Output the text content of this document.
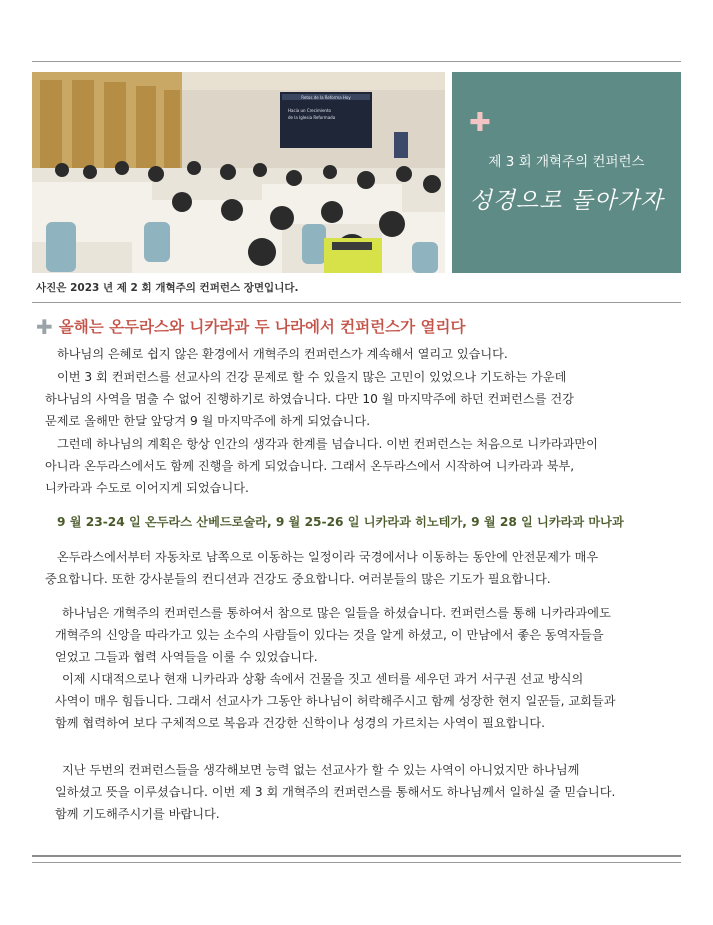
Retos de la Reforma Hoy
Hacia un Crecimiento
de la Iglesia Reformada	✚
제 3 회 개혁주의 컨퍼런스
성경으로 돌아가자
사진은 2023 년 제 2 회 개혁주의 컨퍼런스 장면입니다.
✚ 올해는 온두라스와 니카라과 두 나라에서 컨퍼런스가 열리다

하나님의 은혜로 쉽지 않은 환경에서 개혁주의 컨퍼런스가 계속해서 열리고 있습니다.

이번 3 회 컨퍼런스를 선교사의 건강 문제로 할 수 있을지 많은 고민이 있었으나 기도하는 가운데

하나님의 사역을 멈출 수 없어 진행하기로 하였습니다. 다만 10 월 마지막주에 하던 컨퍼런스를 건강

문제로 올해만 한달 앞당겨 9 월 마지막주에 하게 되었습니다.

그런데 하나님의 계획은 항상 인간의 생각과 한계를 넘습니다. 이번 컨퍼런스는 처음으로 니카라과만이

아니라 온두라스에서도 함께 진행을 하게 되었습니다. 그래서 온두라스에서 시작하여 니카라과 북부,

니카라과 수도로 이어지게 되었습니다.

9 월 23-24 일 온두라스 산베드로술라, 9 월 25-26 일 니카라과 히노테가, 9 월 28 일 니카라과 마나과

온두라스에서부터 자동차로 남쪽으로 이동하는 일정이라 국경에서나 이동하는 동안에 안전문제가 매우

중요합니다. 또한 강사분들의 컨디션과 건강도 중요합니다. 여러분들의 많은 기도가 필요합니다.

하나님은 개혁주의 컨퍼런스를 통하여서 참으로 많은 일들을 하셨습니다. 컨퍼런스를 통해 니카라과에도

개혁주의 신앙을 따라가고 있는 소수의 사람들이 있다는 것을 알게 하셨고, 이 만남에서 좋은 동역자들을

얻었고 그들과 협력 사역들을 이룰 수 있었습니다.

이제 시대적으로나 현재 니카라과 상황 속에서 건물을 짓고 센터를 세우던 과거 서구권 선교 방식의

사역이 매우 힘듭니다. 그래서 선교사가 그동안 하나님이 허락해주시고 함께 성장한 현지 일꾼들, 교회들과

함께 협력하여 보다 구체적으로 복음과 건강한 신학이나 성경의 가르치는 사역이 필요합니다.

지난 두번의 컨퍼런스들을 생각해보면 능력 없는 선교사가 할 수 있는 사역이 아니었지만 하나님께

일하셨고 뜻을 이루셨습니다. 이번 제 3 회 개혁주의 컨퍼런스를 통해서도 하나님께서 일하실 줄 믿습니다.

함께 기도해주시기를 바랍니다.
